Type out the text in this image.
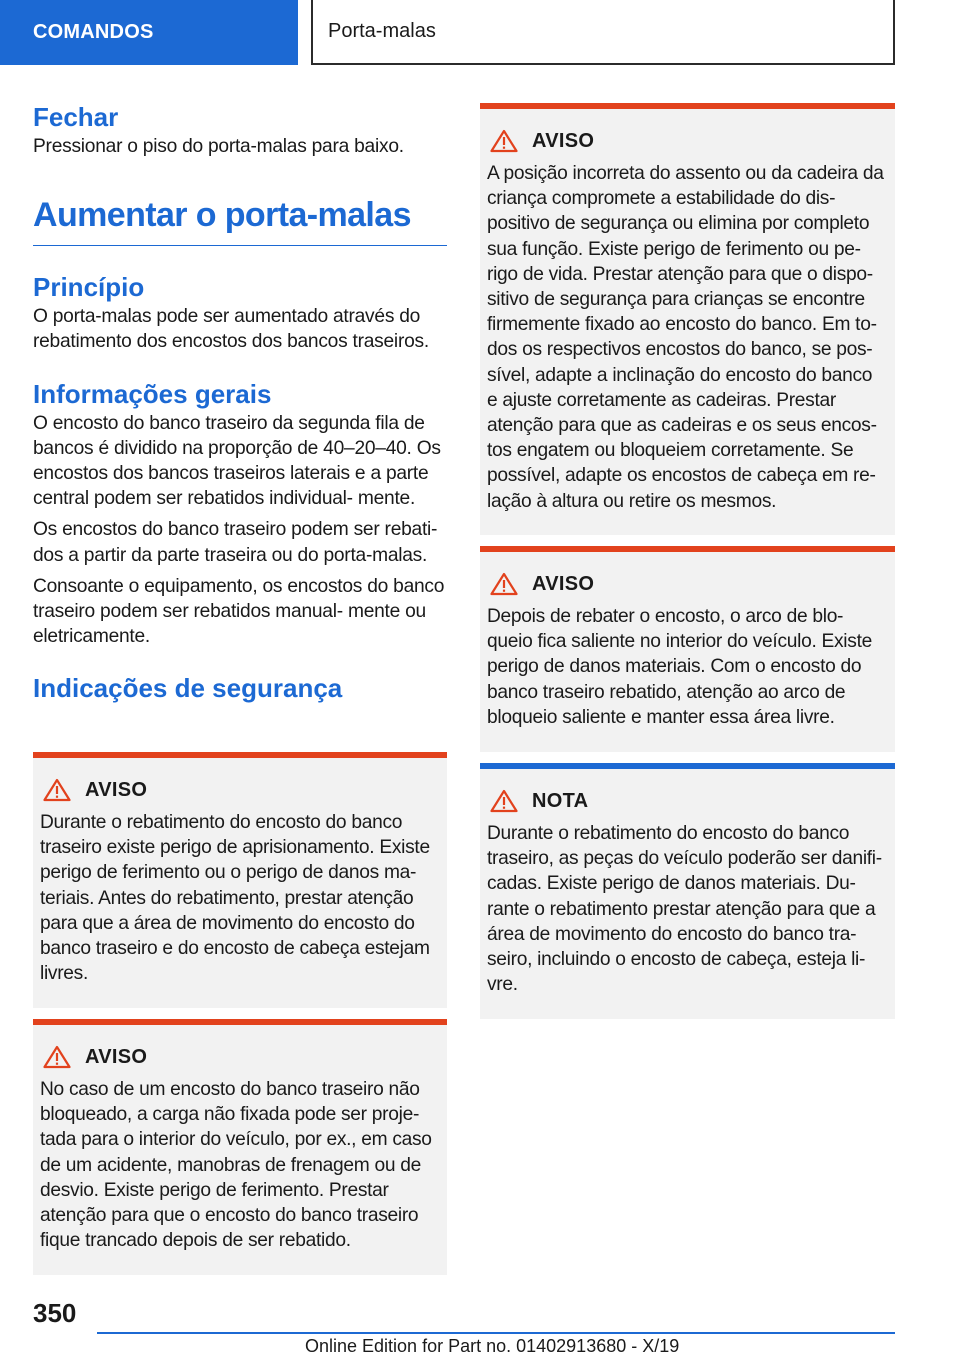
COMANDOS	Porta-malas
Fechar

Pressionar o piso do porta-malas para baixo.

Aumentar o porta-malas
Princípio

O porta-malas pode ser aumentado através do rebatimento dos encostos dos bancos traseiros.

Informações gerais

O encosto do banco traseiro da segunda fila de bancos é dividido na proporção de 40–20–40. Os encostos dos bancos traseiros laterais e a parte central podem ser rebatidos individual- mente.

Os encostos do banco traseiro podem ser rebati- dos a partir da parte traseira ou do porta-malas.

Consoante o equipamento, os encostos do banco traseiro podem ser rebatidos manual- mente ou eletricamente.

Indicações de segurança
AVISO

Durante o rebatimento do encosto do banco traseiro existe perigo de aprisionamento. Existe perigo de ferimento ou o perigo de danos ma- teriais. Antes do rebatimento, prestar atenção para que a área de movimento do encosto do banco traseiro e do encosto de cabeça estejam livres.

AVISO

No caso de um encosto do banco traseiro não bloqueado, a carga não fixada pode ser proje- tada para o interior do veículo, por ex., em caso de um acidente, manobras de frenagem ou de desvio. Existe perigo de ferimento. Prestar atenção para que o encosto do banco traseiro fique trancado depois de ser rebatido.

AVISO

A posição incorreta do assento ou da cadeira da criança compromete a estabilidade do dis- positivo de segurança ou elimina por completo sua função. Existe perigo de ferimento ou pe- rigo de vida. Prestar atenção para que o dispo- sitivo de segurança para crianças se encontre firmemente fixado ao encosto do banco. Em to- dos os respectivos encostos do banco, se pos- sível, adapte a inclinação do encosto do banco e ajuste corretamente as cadeiras. Prestar atenção para que as cadeiras e os seus encos- tos engatem ou bloqueiem corretamente. Se possível, adapte os encostos de cabeça em re- lação à altura ou retire os mesmos.

AVISO

Depois de rebater o encosto, o arco de blo- queio fica saliente no interior do veículo. Existe perigo de danos materiais. Com o encosto do banco traseiro rebatido, atenção ao arco de bloqueio saliente e manter essa área livre.

NOTA

Durante o rebatimento do encosto do banco traseiro, as peças do veículo poderão ser danifi- cadas. Existe perigo de danos materiais. Du- rante o rebatimento prestar atenção para que a área de movimento do encosto do banco tra- seiro, incluindo o encosto de cabeça, esteja li- vre.

350
Online Edition for Part no. 01402913680 - X/19
